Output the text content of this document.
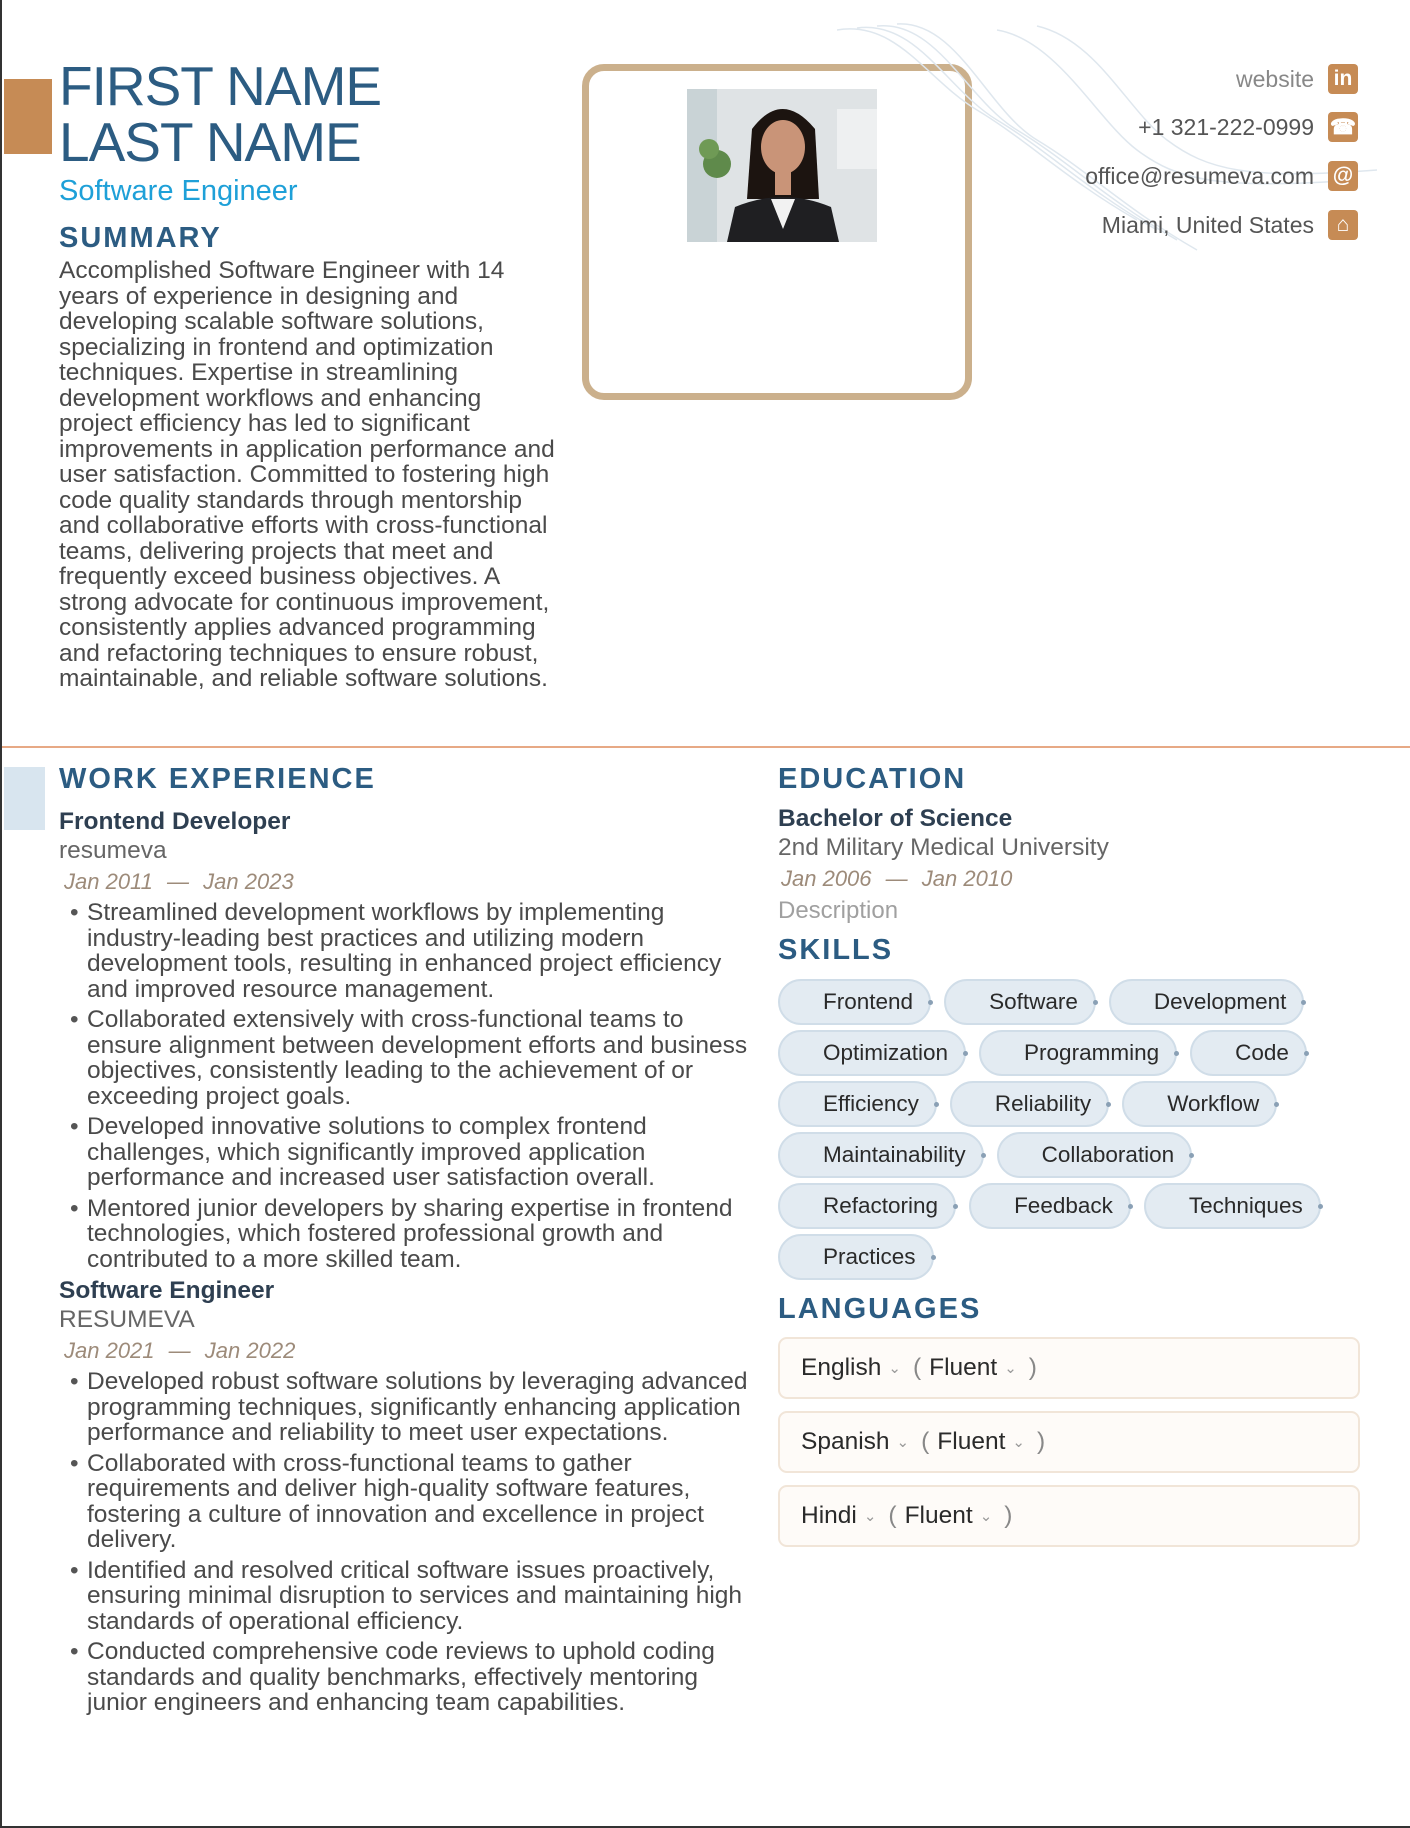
FIRST NAME
LAST NAME
Software Engineer
SUMMARY
Accomplished Software Engineer with 14 years of experience in designing and developing scalable software solutions, specializing in frontend and optimization techniques. Expertise in streamlining development workflows and enhancing project efficiency has led to significant improvements in application performance and user satisfaction. Committed to fostering high code quality standards through mentorship and collaborative efforts with cross-functional teams, delivering projects that meet and frequently exceed business objectives. A strong advocate for continuous improvement, consistently applies advanced programming and refactoring techniques to ensure robust, maintainable, and reliable software solutions.
website in
+1 321-222-0999 ☎
office@resumeva.com @
Miami, United States	⌂
WORK EXPERIENCE
Frontend Developer
resumeva
Jan 2011 — Jan 2023
• Streamlined development workflows by implementing industry-leading best practices and utilizing modern development tools, resulting in enhanced project efficiency and improved resource management.
• Collaborated extensively with cross-functional teams to ensure alignment between development efforts and business objectives, consistently leading to the achievement of or exceeding project goals.
• Developed innovative solutions to complex frontend challenges, which significantly improved application performance and increased user satisfaction overall.
• Mentored junior developers by sharing expertise in frontend technologies, which fostered professional growth and contributed to a more skilled team.
Software Engineer
RESUMEVA
Jan 2021 — Jan 2022
• Developed robust software solutions by leveraging advanced programming techniques, significantly enhancing application performance and reliability to meet user expectations.
• Collaborated with cross-functional teams to gather requirements and deliver high-quality software features, fostering a culture of innovation and excellence in project delivery.
• Identified and resolved critical software issues proactively, ensuring minimal disruption to services and maintaining high standards of operational efficiency.
• Conducted comprehensive code reviews to uphold coding standards and quality benchmarks, effectively mentoring junior engineers and enhancing team capabilities.
EDUCATION
Bachelor of Science
2nd Military Medical University
Jan 2006 — Jan 2010
Description
SKILLS
Frontend	Software	Development
Optimization	Programming	Code
Efficiency	Reliability	Workflow
Maintainability	Collaboration
Refactoring	Feedback	Techniques
Practices
LANGUAGES
English ⌄ ( Fluent ⌄ )
Spanish ⌄ ( Fluent ⌄ )
Hindi ⌄ ( Fluent ⌄ )
